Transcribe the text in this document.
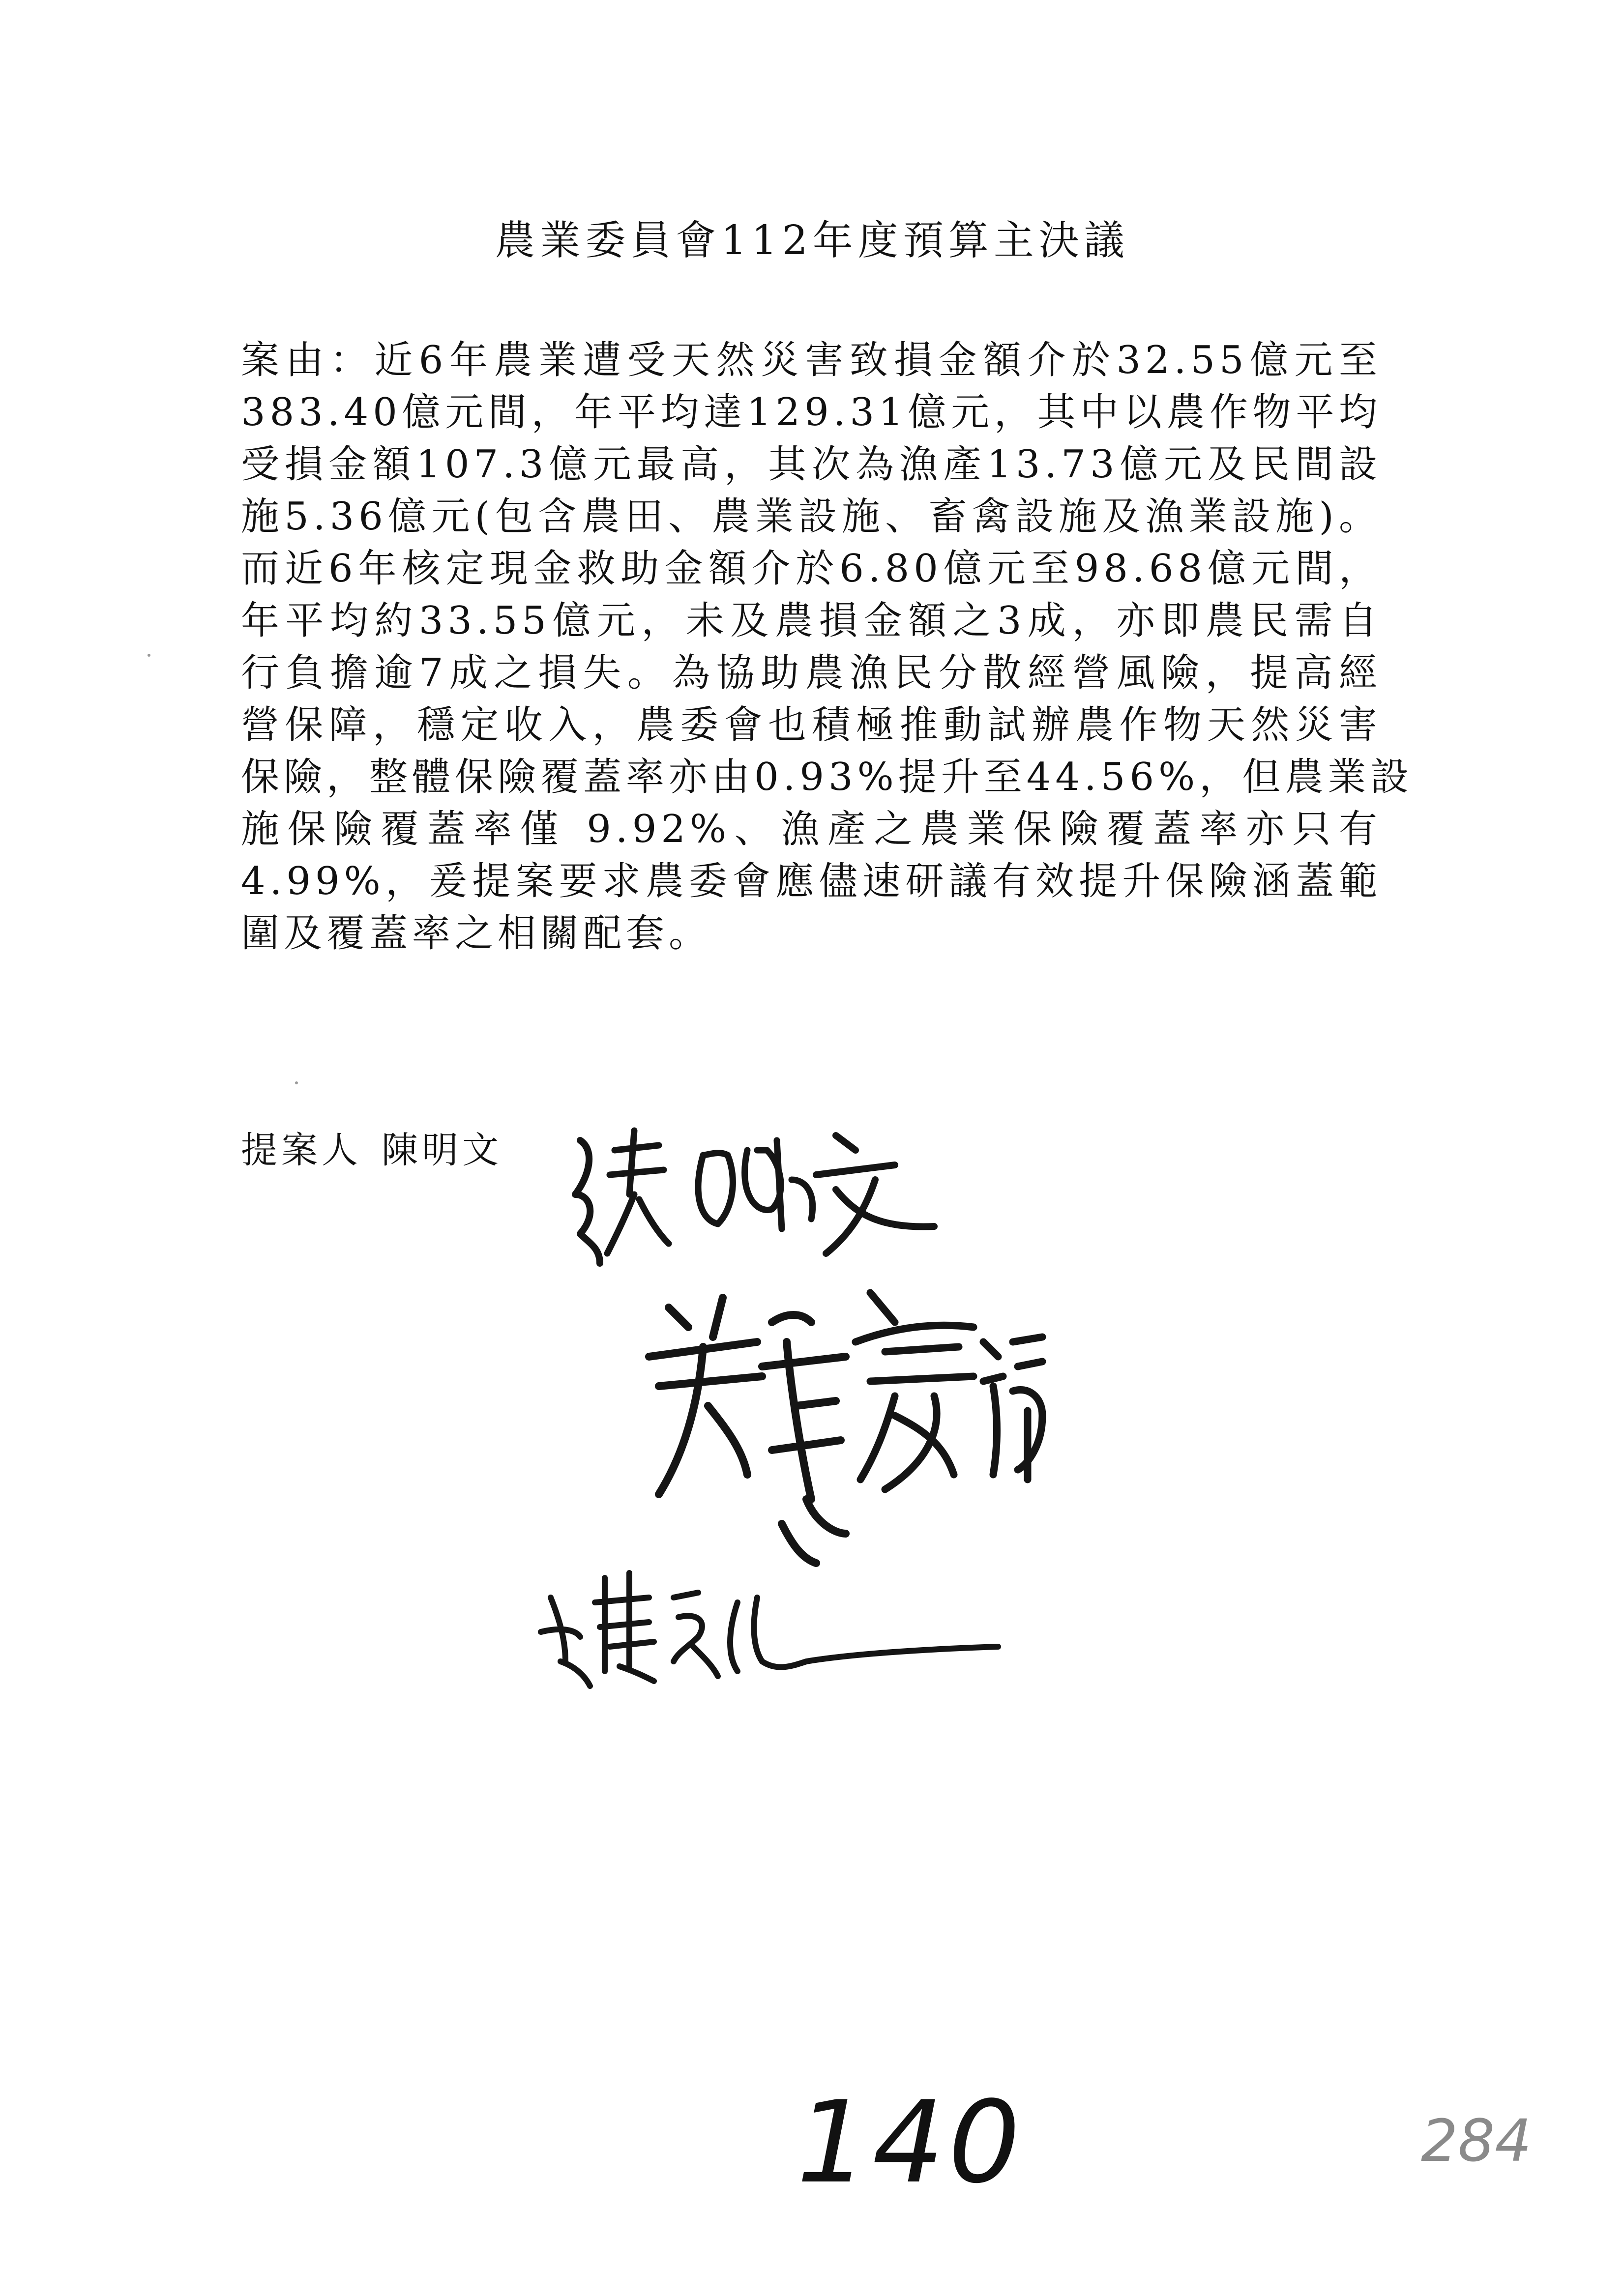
農業委員會112年度預算主決議
案由：近6年農業遭受天然災害致損金額介於32.55億元至
383.40億元間，年平均達129.31億元，其中以農作物平均
受損金額107.3億元最高，其次為漁產13.73億元及民間設
施5.36億元(包含農田、農業設施、畜禽設施及漁業設施)。
而近6年核定現金救助金額介於6.80億元至98.68億元間，
年平均約33.55億元，未及農損金額之3成，亦即農民需自
行負擔逾7成之損失。為協助農漁民分散經營風險，提高經
營保障，穩定收入，農委會也積極推動試辦農作物天然災害
保險，整體保險覆蓋率亦由0.93%提升至44.56%，但農業設
施保險覆蓋率僅 9.92%、漁產之農業保險覆蓋率亦只有
4.99%，爰提案要求農委會應儘速研議有效提升保險涵蓋範
圍及覆蓋率之相關配套。
提案人 陳明文
140	284
